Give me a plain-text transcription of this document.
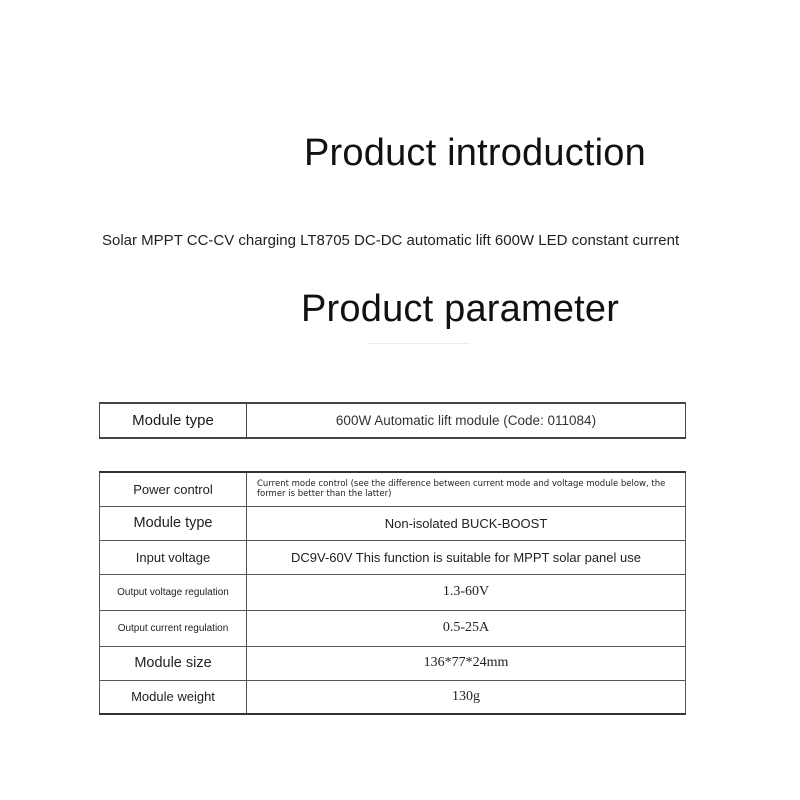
Product introduction
Solar MPPT CC-CV charging LT8705 DC-DC automatic lift 600W LED constant current
Product parameter
Module type	600W Automatic lift module (Code: 011084)
Power control	Current mode control (see the difference between current mode and voltage module below, the former is better than the latter)
Module type	Non-isolated BUCK-BOOST
Input voltage	DC9V-60V This function is suitable for MPPT solar panel use
Output voltage regulation	1.3-60V
Output current regulation	0.5-25A
Module size	136*77*24mm
Module weight	130g
